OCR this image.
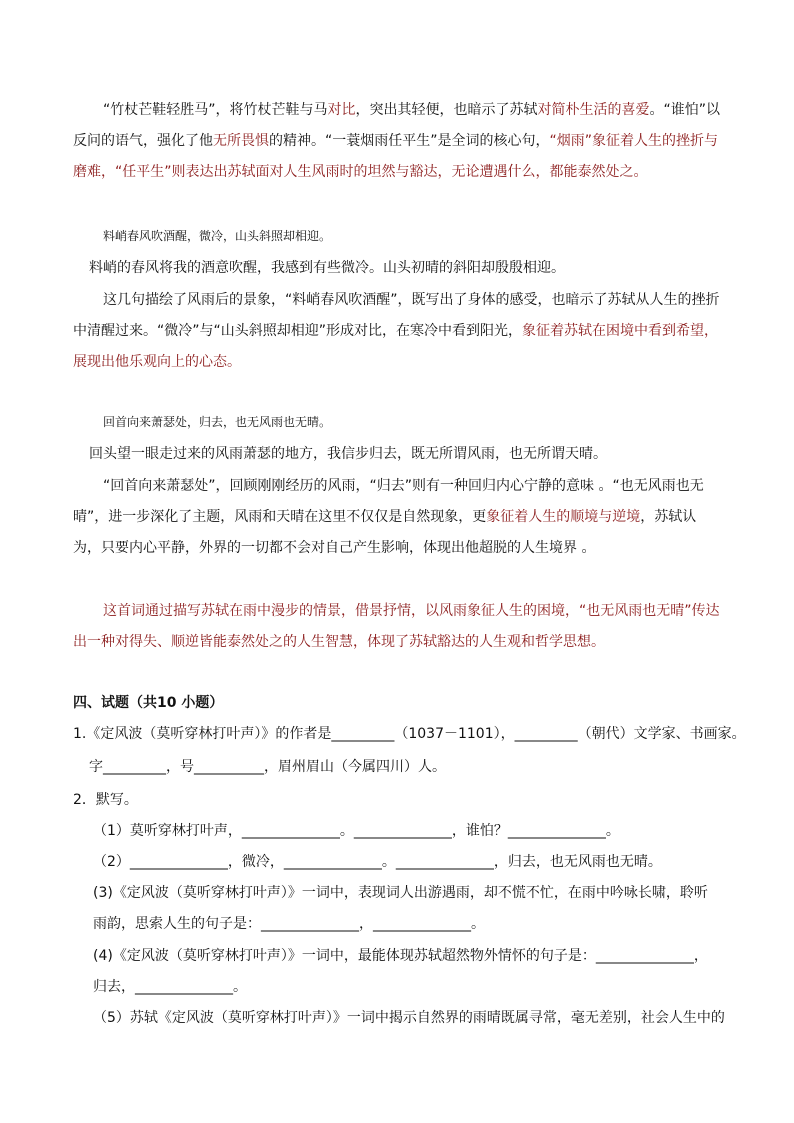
“竹杖芒鞋轻胜马”，将竹杖芒鞋与马对比，突出其轻便，也暗示了苏轼对简朴生活的喜爱。“谁怕”以反问的语气，强化了他无所畏惧的精神。“一蓑烟雨任平生”是全词的核心句，“烟雨”象征着人生的挫折与磨难，“任平生”则表达出苏轼面对人生风雨时的坦然与豁达，无论遭遇什么，都能泰然处之。

料峭春风吹酒醒，微冷，山头斜照却相迎。

料峭的春风将我的酒意吹醒，我感到有些微冷。山头初晴的斜阳却殷殷相迎。

这几句描绘了风雨后的景象，“料峭春风吹酒醒”，既写出了身体的感受，也暗示了苏轼从人生的挫折中清醒过来。“微冷”与“山头斜照却相迎”形成对比，在寒冷中看到阳光，象征着苏轼在困境中看到希望，展现出他乐观向上的心态。

回首向来萧瑟处，归去，也无风雨也无晴。

回头望一眼走过来的风雨萧瑟的地方，我信步归去，既无所谓风雨，也无所谓天晴。

“回首向来萧瑟处”，回顾刚刚经历的风雨，“归去”则有一种回归内心宁静的意味 。“也无风雨也无晴”，进一步深化了主题，风雨和天晴在这里不仅仅是自然现象，更象征着人生的顺境与逆境，苏轼认为，只要内心平静，外界的一切都不会对自己产生影响，体现出他超脱的人生境界 。

这首词通过描写苏轼在雨中漫步的情景，借景抒情，以风雨象征人生的困境，“也无风雨也无晴”传达出一种对得失、顺逆皆能泰然处之的人生智慧，体现了苏轼豁达的人生观和哲学思想。

四、试题（共10 小题）

1.《定风波（莫听穿林打叶声）》的作者是_________（1037－1101），_________（朝代）文学家、书画家。

字_________，号__________，眉州眉山（今属四川）人。

2．默写。

（1）莫听穿林打叶声，______________。______________，谁怕？______________。

（2）______________，微冷，______________。______________，归去，也无风雨也无晴。

(3)《定风波（莫听穿林打叶声）》一词中，表现词人出游遇雨，却不慌不忙，在雨中吟咏长啸，聆听

雨韵，思索人生的句子是：______________，______________。

(4)《定风波（莫听穿林打叶声）》一词中，最能体现苏轼超然物外情怀的句子是：______________，

归去，______________。

（5）苏轼《定风波（莫听穿林打叶声）》一词中揭示自然界的雨晴既属寻常，毫无差别，社会人生中的
